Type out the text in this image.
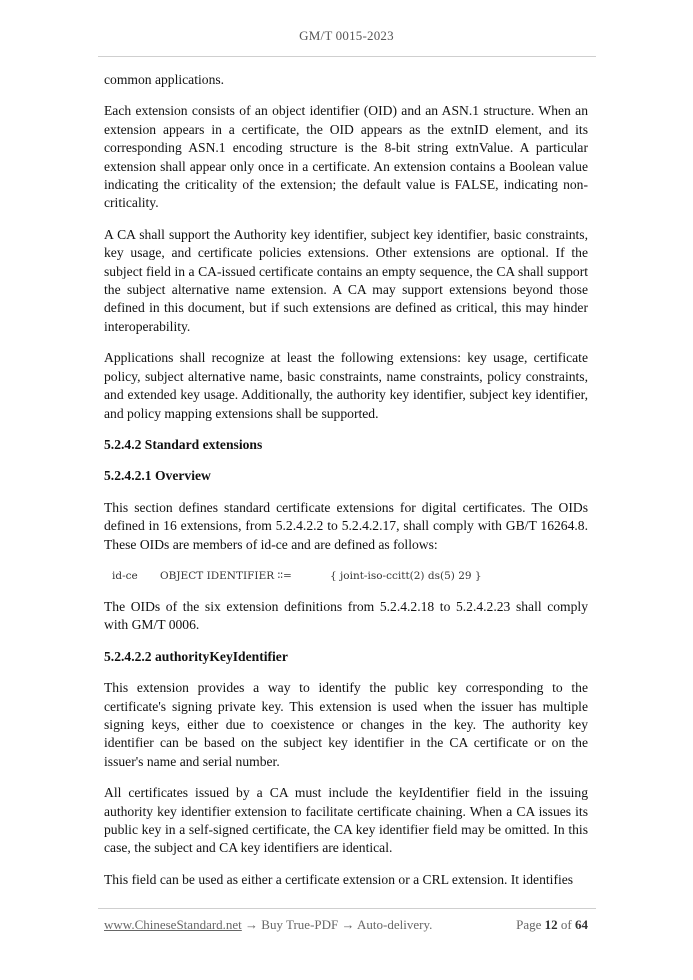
GM/T 0015-2023

common applications.

Each extension consists of an object identifier (OID) and an ASN.1 structure. When an extension appears in a certificate, the OID appears as the extnID element, and its corresponding ASN.1 encoding structure is the 8-bit string extnValue. A particular extension shall appear only once in a certificate. An extension contains a Boolean value indicating the criticality of the extension; the default value is FALSE, indicating non-criticality.

A CA shall support the Authority key identifier, subject key identifier, basic constraints, key usage, and certificate policies extensions. Other extensions are optional. If the subject field in a CA-issued certificate contains an empty sequence, the CA shall support the subject alternative name extension. A CA may support extensions beyond those defined in this document, but if such extensions are defined as critical, this may hinder interoperability.

Applications shall recognize at least the following extensions: key usage, certificate policy, subject alternative name, basic constraints, name constraints, policy constraints, and extended key usage. Additionally, the authority key identifier, subject key identifier, and policy mapping extensions shall be supported.

5.2.4.2 Standard extensions
5.2.4.2.1 Overview

This section defines standard certificate extensions for digital certificates. The OIDs defined in 16 extensions, from 5.2.4.2.2 to 5.2.4.2.17, shall comply with GB/T 16264.8. These OIDs are members of id-ce and are defined as follows:

id-ce OBJECT IDENTIFIER ∶∶=	{ joint-iso-ccitt(2) ds(5) 29 }

The OIDs of the six extension definitions from 5.2.4.2.18 to 5.2.4.2.23 shall comply with GM/T 0006.

5.2.4.2.2 authorityKeyIdentifier

This extension provides a way to identify the public key corresponding to the certificate's signing private key. This extension is used when the issuer has multiple signing keys, either due to coexistence or changes in the key. The authority key identifier can be based on the subject key identifier in the CA certificate or on the issuer's name and serial number.

All certificates issued by a CA must include the keyIdentifier field in the issuing authority key identifier extension to facilitate certificate chaining. When a CA issues its public key in a self-signed certificate, the CA key identifier field may be omitted. In this case, the subject and CA key identifiers are identical.

This field can be used as either a certificate extension or a CRL extension. It identifies

www.ChineseStandard.net → Buy True-PDF → Auto-delivery.	Page 12 of 64
